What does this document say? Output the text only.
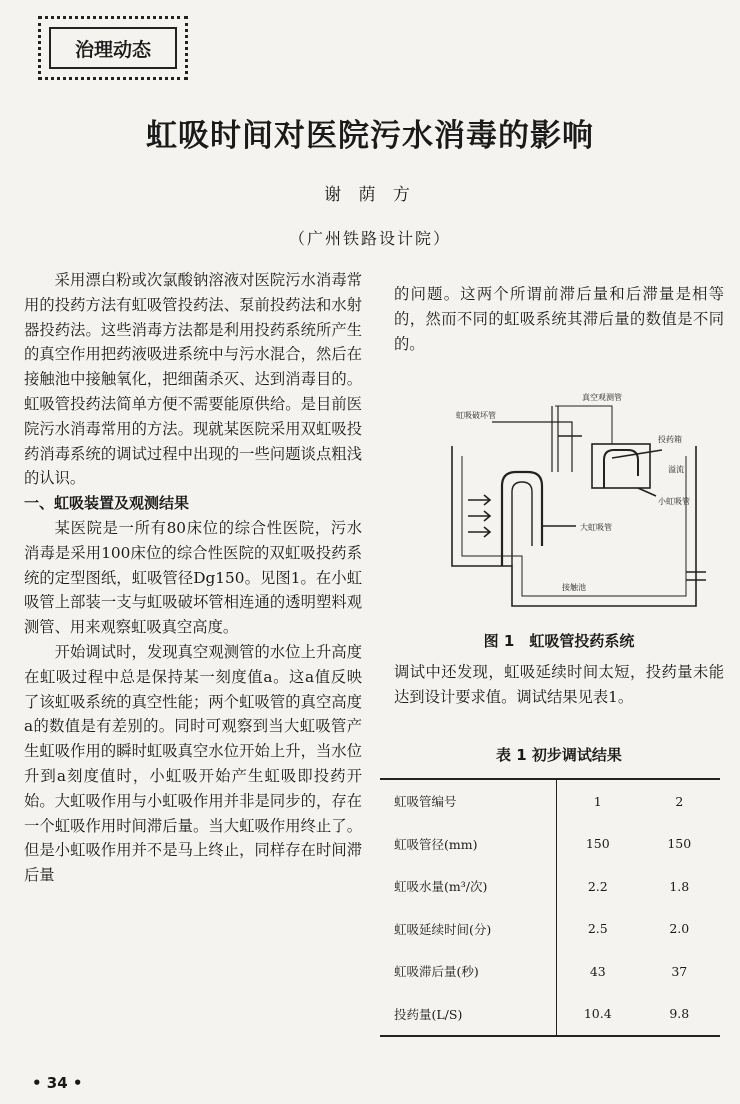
治理动态
虹吸时间对医院污水消毒的影响
谢 荫 方
（广州铁路设计院）

采用漂白粉或次氯酸钠溶液对医院污水消毒常用的投药方法有虹吸管投药法、泵前投药法和水射器投药法。这些消毒方法都是利用投药系统所产生的真空作用把药液吸进系统中与污水混合，然后在接触池中接触氧化，把细菌杀灭、达到消毒目的。虹吸管投药法简单方便不需要能原供给。是目前医院污水消毒常用的方法。现就某医院采用双虹吸投药消毒系统的调试过程中出现的一些问题谈点粗浅的认识。

一、虹吸装置及观测结果

某医院是一所有80床位的综合性医院，污水消毒是采用100床位的综合性医院的双虹吸投药系统的定型图纸，虹吸管径Dg150。见图1。在小虹吸管上部装一支与虹吸破坏管相连通的透明塑料观测管、用来观察虹吸真空高度。

开始调试时，发现真空观测管的水位上升高度在虹吸过程中总是保持某一刻度值a。这a值反映了该虹吸系统的真空性能；两个虹吸管的真空高度a的数值是有差别的。同时可观察到当大虹吸管产生虹吸作用的瞬时虹吸真空水位开始上升，当水位升到a刻度值时，小虹吸开始产生虹吸即投药开始。大虹吸作用与小虹吸作用并非是同步的，存在一个虹吸作用时间滞后量。当大虹吸作用终止了。但是小虹吸作用并不是马上终止，同样存在时间滞后量

的问题。这两个所谓前滞后量和后滞量是相等的，然而不同的虹吸系统其滞后量的数值是不同的。

真空观测管
虹吸破坏管
投药箱
溢流
小虹吸管
大虹吸管
接触池
图 1　虹吸管投药系统

调试中还发现，虹吸延续时间太短，投药量未能达到设计要求值。调试结果见表1。

表 1 初步调试结果
虹吸管编号	1	2
虹吸管径(mm)	150	150
虹吸水量(m³/次)	2.2	1.8
虹吸延续时间(分)	2.5	2.0
虹吸滞后量(秒)	43	37
投药量(L/S)	10.4	9.8
• 34 •
